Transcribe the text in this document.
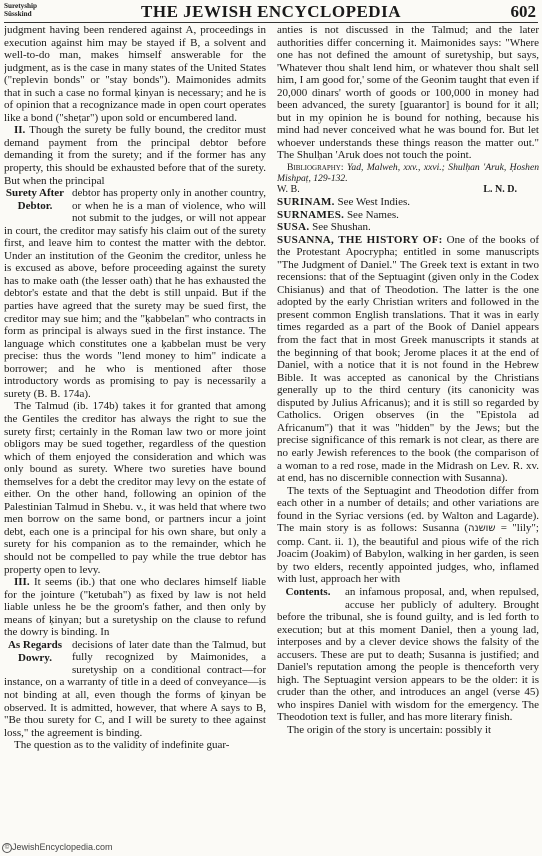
Suretyship
Süsskind	THE JEWISH ENCYCLOPEDIA	602

judgment having been rendered against A, proceedings in execution against him may be stayed if B, a solvent and well-to-do man, makes himself answerable for the judgment, as is the case in many states of the United States ("replevin bonds" or "stay bonds"). Maimonides admits that in such a case no formal ḳinyan is necessary; and he is of opinion that a recognizance made in open court operates like a bond ("sheṭar") upon sold or encumbered land.

II. Though the surety be fully bound, the creditor must demand payment from the principal debtor before demanding it from the surety; and if the former has any property, this should be exhausted before that of the surety. But when the principal

Surety After Debtor.

debtor has property only in another country, or when he is a man of violence, who will not submit to the judges, or will not appear in court, the creditor may satisfy his claim out of the surety first, and leave him to contest the matter with the debtor. Under an institution of the Geonim the creditor, unless he is excused as above, before proceeding against the surety has to make oath (the lesser oath) that he has exhausted the debtor's estate and that the debt is still unpaid. But if the parties have agreed that the surety may be sued first, the creditor may sue him; and the "ḳabbelan" who contracts in form as principal is always sued in the first instance. The language which constitutes one a ḳabbelan must be very precise: thus the words "lend money to him" indicate a borrower; and he who is mentioned after those introductory words as promising to pay is necessarily a surety (B. B. 174a).

The Talmud (ib. 174b) takes it for granted that among the Gentiles the creditor has always the right to sue the surety first; certainly in the Roman law two or more joint obligors may be sued together, regardless of the question which of them enjoyed the consideration and which was only bound as surety. Where two sureties have bound themselves for a debt the creditor may levy on the estate of either. On the other hand, following an opinion of the Palestinian Talmud in Shebu. v., it was held that where two men borrow on the same bond, or partners incur a joint debt, each one is a principal for his own share, but only a surety for his companion as to the remainder, which he should not be compelled to pay while the true debtor has property open to levy.

III. It seems (ib.) that one who declares himself liable for the jointure ("ketubah") as fixed by law is not held liable unless he be the groom's father, and then only by means of ḳinyan; but a suretyship on the clause to refund the dowry is binding. In

As Regards Dowry.

decisions of later date than the Talmud, but fully recognized by Maimonides, a suretyship on a conditional contract—for instance, on a warranty of title in a deed of conveyance—is not binding at all, even though the forms of ḳinyan be observed. It is admitted, however, that where A says to B, "Be thou surety for C, and I will be surety to thee against loss," the agreement is binding.

The question as to the validity of indefinite guar-

anties is not discussed in the Talmud; and the later authorities differ concerning it. Maimonides says: "Where one has not defined the amount of suretyship, but says, 'Whatever thou shalt lend him, or whatever thou shalt sell him, I am good for,' some of the Geonim taught that even if 20,000 dinars' worth of goods or 100,000 in money had been advanced, the surety [guarantor] is bound for it all; but in my opinion he is bound for nothing, because his mind had never conceived what he was bound for. But let whoever understands these things reason the matter out." The Shulḥan 'Aruk does not touch the point.

Bibliography: Yad, Malweh, xxv., xxvi.; Shulḥan 'Aruk, Ḥoshen Mishpaṭ, 129-132.

W. B.	L. N. D.

SURINAM. See West Indies.

SURNAMES. See Names.

SUSA. See Shushan.

SUSANNA, THE HISTORY OF: One of the books of the Protestant Apocrypha; entitled in some manuscripts "The Judgment of Daniel." The Greek text is extant in two recensions: that of the Septuagint (given only in the Codex Chisianus) and that of Theodotion. The latter is the one adopted by the early Christian writers and followed in the present common English translations. That it was in early times regarded as a part of the Book of Daniel appears from the fact that in most Greek manuscripts it stands at the beginning of that book; Jerome places it at the end of Daniel, with a notice that it is not found in the Hebrew Bible. It was accepted as canonical by the Christians generally up to the third century (its canonicity was disputed by Julius Africanus); and it is still so regarded by Catholics. Origen observes (in the "Epistola ad Africanum") that it was "hidden" by the Jews; but the precise significance of this remark is not clear, as there are no early Jewish references to the book (the comparison of a woman to a red rose, made in the Midrash on Lev. R. xv. at end, has no discernible connection with Susanna).

The texts of the Septuagint and Theodotion differ from each other in a number of details; and other variations are found in the Syriac versions (ed. by Walton and Lagarde). The main story is as follows: Susanna (שושנה = "lily"; comp. Cant. ii. 1), the beautiful and pious wife of the rich Joacim (Joakim) of Babylon, walking in her garden, is seen by two elders, recently appointed judges, who, inflamed with lust, approach her with

Contents.	an infamous proposal, and, when repulsed, accuse her publicly of adultery. Brought before the tribunal, she is found guilty, and is led forth to execution; but at this moment Daniel, then a young lad, interposes and by a clever device shows the falsity of the accusers. These are put to death; Susanna is justified; and Daniel's reputation among the people is thenceforth very high. The Septuagint version appears to be the older: it is cruder than the other, and introduces an angel (verse 45) who inspires Daniel with wisdom for the emergency. The Theodotion text is fuller, and has more literary finish.

The origin of the story is uncertain: possibly it

© JewishEncyclopedia.com
